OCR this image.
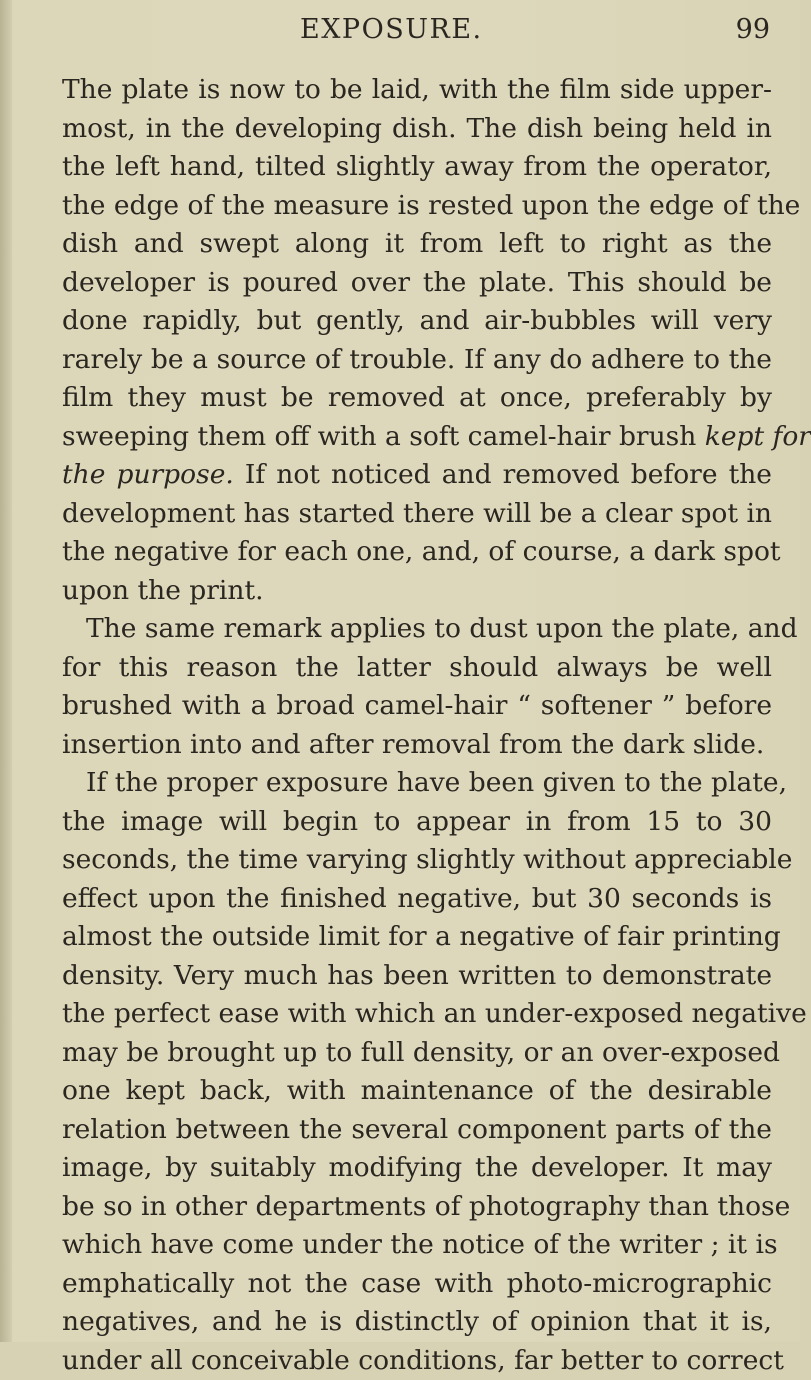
EXPOSURE.	99
The plate is now to be laid, with the film side upper-
most, in the developing dish. The dish being held in
the left hand, tilted slightly away from the operator,
the edge of the measure is rested upon the edge of the
dish and swept along it from left to right as the
developer is poured over the plate. This should be
done rapidly, but gently, and air-bubbles will very
rarely be a source of trouble. If any do adhere to the
film they must be removed at once, preferably by
sweeping them off with a soft camel-hair brush kept for
the purpose. If not noticed and removed before the
development has started there will be a clear spot in
the negative for each one, and, of course, a dark spot
upon the print.
The same remark applies to dust upon the plate, and
for this reason the latter should always be well
brushed with a broad camel-hair “ softener ” before
insertion into and after removal from the dark slide.
If the proper exposure have been given to the plate,
the image will begin to appear in from 15 to 30
seconds, the time varying slightly without appreciable
effect upon the finished negative, but 30 seconds is
almost the outside limit for a negative of fair printing
density. Very much has been written to demonstrate
the perfect ease with which an under-exposed negative
may be brought up to full density, or an over-exposed
one kept back, with maintenance of the desirable
relation between the several component parts of the
image, by suitably modifying the developer. It may
be so in other departments of photography than those
which have come under the notice of the writer ; it is
emphatically not the case with photo-micrographic
negatives, and he is distinctly of opinion that it is,
under all conceivable conditions, far better to correct
